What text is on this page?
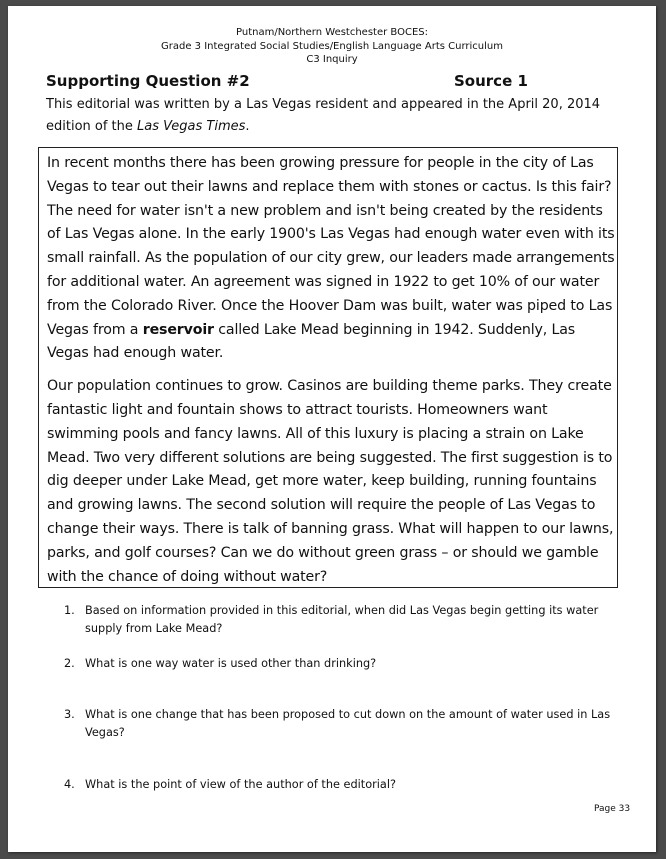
Putnam/Northern Westchester BOCES:
Grade 3 Integrated Social Studies/English Language Arts Curriculum
C3 Inquiry
Supporting Question #2	Source 1
This editorial was written by a Las Vegas resident and appeared in the April 20, 2014 edition of the Las Vegas Times.

In recent months there has been growing pressure for people in the city of Las Vegas to tear out their lawns and replace them with stones or cactus. Is this fair? The need for water isn't a new problem and isn't being created by the residents of Las Vegas alone. In the early 1900's Las Vegas had enough water even with its small rainfall. As the population of our city grew, our leaders made arrangements for additional water. An agreement was signed in 1922 to get 10% of our water from the Colorado River. Once the Hoover Dam was built, water was piped to Las Vegas from a reservoir called Lake Mead beginning in 1942. Suddenly, Las Vegas had enough water.

Our population continues to grow. Casinos are building theme parks. They create fantastic light and fountain shows to attract tourists. Homeowners want swimming pools and fancy lawns. All of this luxury is placing a strain on Lake Mead. Two very different solutions are being suggested. The first suggestion is to dig deeper under Lake Mead, get more water, keep building, running fountains and growing lawns. The second solution will require the people of Las Vegas to change their ways. There is talk of banning grass. What will happen to our lawns, parks, and golf courses? Can we do without green grass – or should we gamble with the chance of doing without water?

1. Based on information provided in this editorial, when did Las Vegas begin getting its water supply from Lake Mead?
2. What is one way water is used other than drinking?
3. What is one change that has been proposed to cut down on the amount of water used in Las Vegas?
4. What is the point of view of the author of the editorial?
Page 33
